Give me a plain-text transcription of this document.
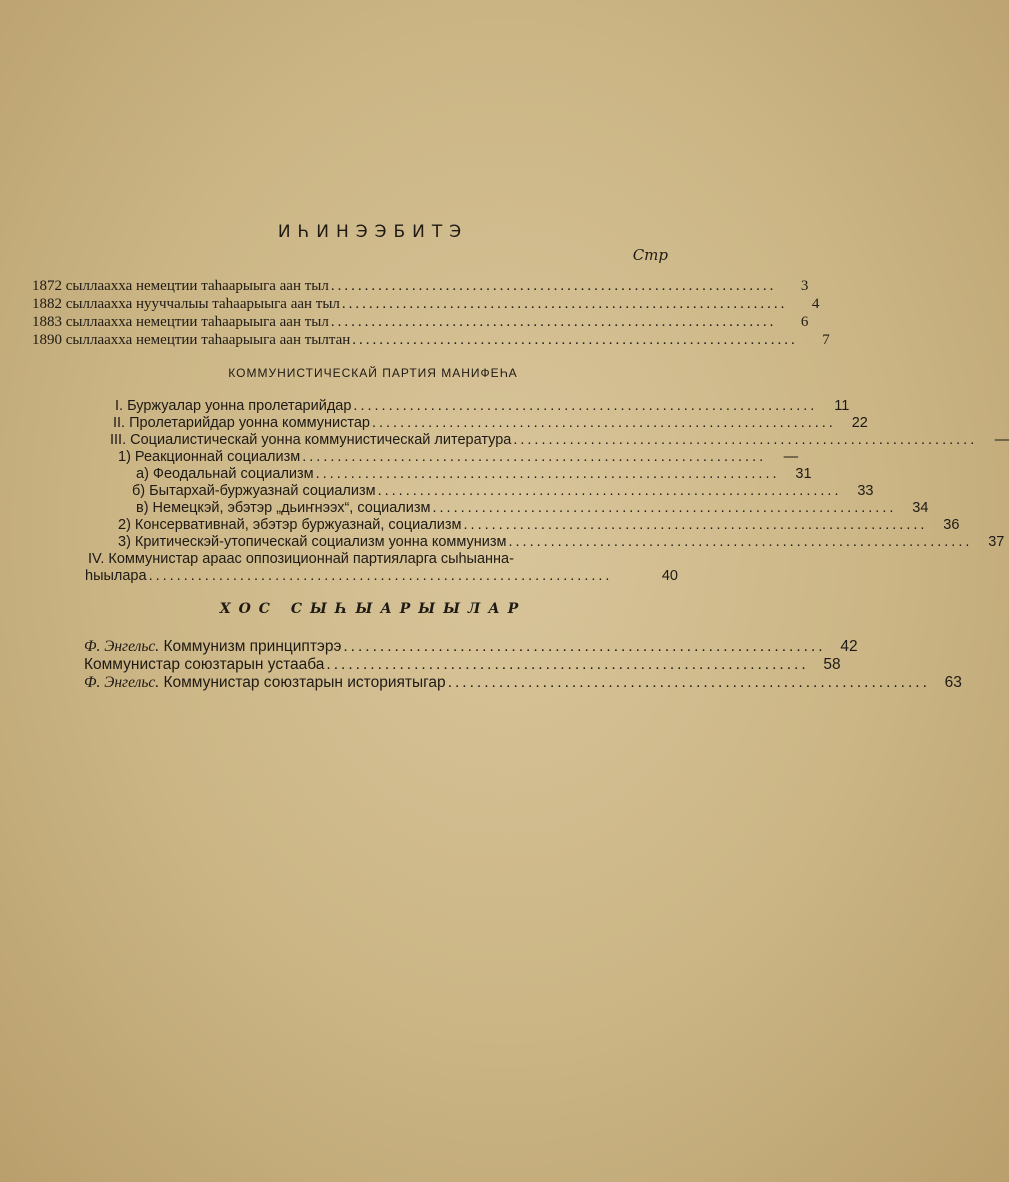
ИҺИНЭЭБИТЭ
Стр
1872 сыллаахха немецтии таһаарыыга аан тыл ..................................................................	3
1882 сыллаахха нууччалыы таһаарыыга аан тыл ..................................................................	4
1883 сыллаахха немецтии таһаарыыга аан тыл ..................................................................	6
1890 сыллаахха немецтии таһаарыыга аан тылтан ..................................................................	7
КОММУНИСТИЧЕСКАЙ ПАРТИЯ МАНИФЕҺА
I. Буржуалар уонна пролетарийдар ..................................................................	11
II. Пролетарийдар уонна коммунистар ..................................................................	22
III. Социалистическай уонна коммунистическай литература ..................................................................	—
1) Реакционнай социализм ..................................................................	—
а) Феодальнай социализм ..................................................................	31
б) Бытархай-буржуазнай социализм ..................................................................	33
в) Немецкэй, эбэтэр „дьиҥнээх“, социализм ..................................................................	34
2) Консервативнай, эбэтэр буржуазнай, социализм ..................................................................	36
3) Критическэй-утопическай социализм уонна коммунизм ..................................................................	37
IV. Коммунистар араас оппозиционнай партияларга сыһыанна-
һыылара ..................................................................	40
ХОС СЫҺЫАРЫЫЛАР
Ф. Энгельс. Коммунизм принциптэрэ .................................................................. 42
Коммунистар союзтарын устааба .................................................................. 58
Ф. Энгельс. Коммунистар союзтарын историятыгар .................................................................. 63
